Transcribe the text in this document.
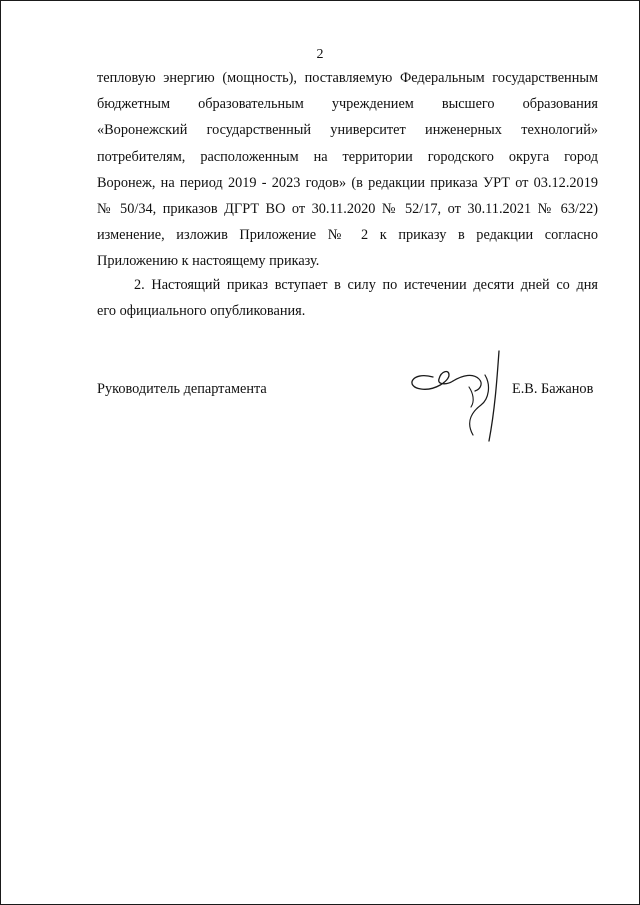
2
тепловую энергию (мощность), поставляемую Федеральным государственным
бюджетным образовательным учреждением высшего образования
«Воронежский государственный университет инженерных технологий»
потребителям, расположенным на территории городского округа город
Воронеж, на период 2019 - 2023 годов» (в редакции приказа УРТ от 03.12.2019
№ 50/34, приказов ДГРТ ВО от 30.11.2020 № 52/17, от 30.11.2021 № 63/22)
изменение, изложив Приложение № 2 к приказу в редакции согласно
Приложению к настоящему приказу.
2. Настоящий приказ вступает в силу по истечении десяти дней со дня
его официального опубликования.

Руководитель департамента	Е.В. Бажанов
